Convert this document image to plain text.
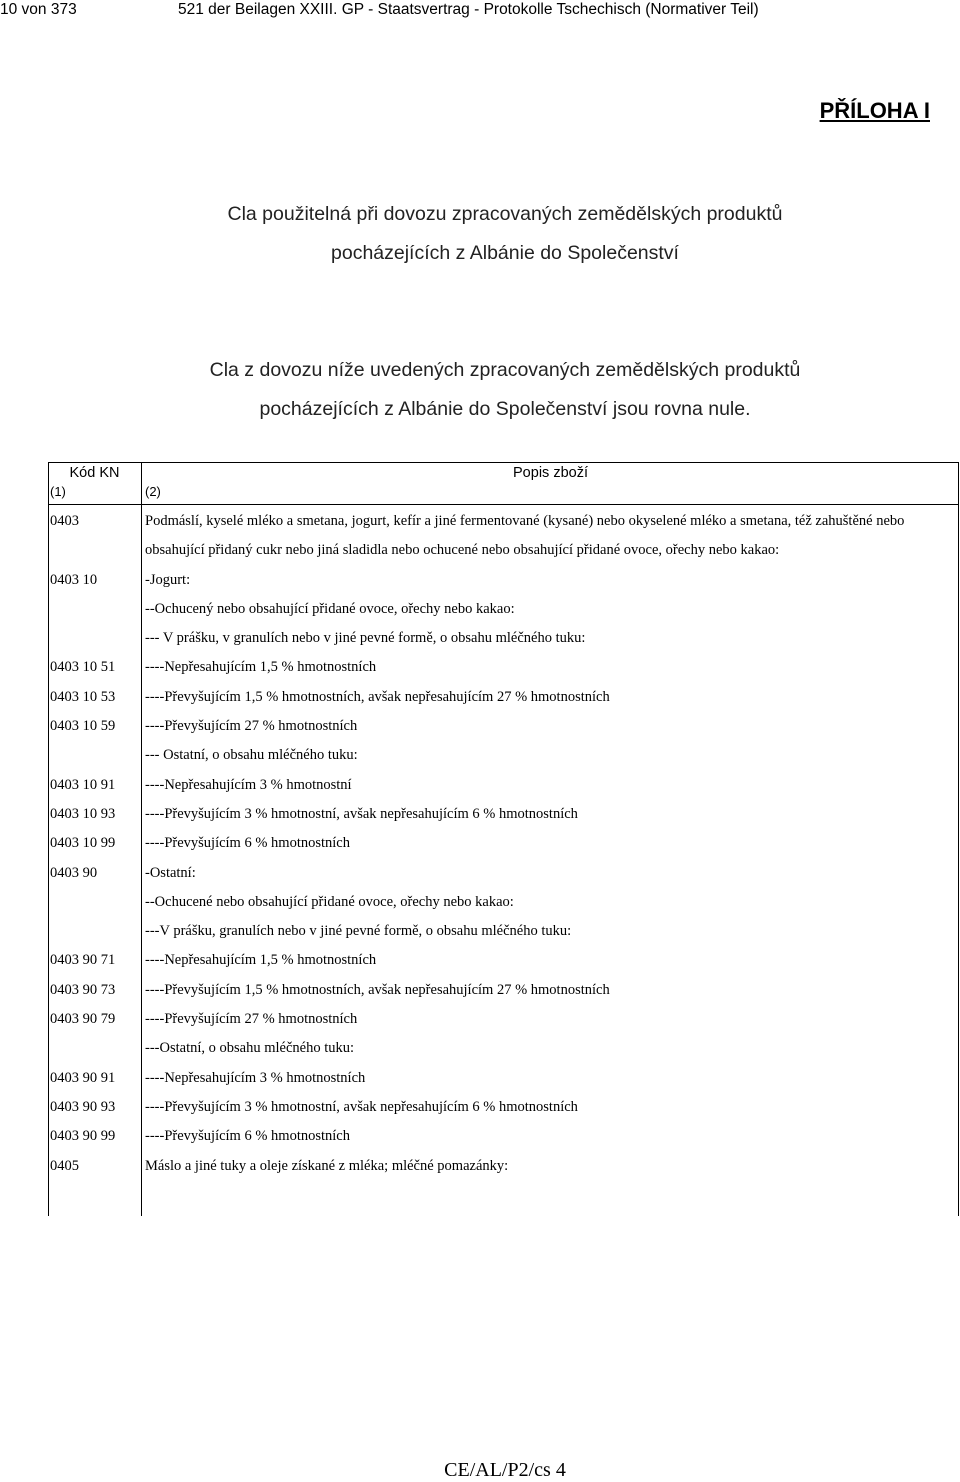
10 von 373	521 der Beilagen XXIII. GP - Staatsvertrag - Protokolle Tschechisch (Normativer Teil)
PŘÍLOHA I
Cla použitelná při dovozu zpracovaných zemědělských produktů
pocházejících z Albánie do Společenství
Cla z dovozu níže uvedených zpracovaných zemědělských produktů
pocházejících z Albánie do Společenství jsou rovna nule.
Kód KN	Popis zboží
(1)	(2)
0403	Podmáslí, kyselé mléko a smetana, jogurt, kefír a jiné fermentované (kysané) nebo okyselené mléko a smetana, též zahuštěné nebo obsahující přidaný cukr nebo jiná sladidla nebo ochucené nebo obsahující přidané ovoce, ořechy nebo kakao:
0403 10	-Jogurt:
--Ochucený nebo obsahující přidané ovoce, ořechy nebo kakao:
--- V prášku, v granulích nebo v jiné pevné formě, o obsahu mléčného tuku:
0403 10 51	----Nepřesahujícím 1,5 % hmotnostních
0403 10 53	----Převyšujícím 1,5 % hmotnostních, avšak nepřesahujícím 27 % hmotnostních
0403 10 59	----Převyšujícím 27 % hmotnostních
--- Ostatní, o obsahu mléčného tuku:
0403 10 91	----Nepřesahujícím 3 % hmotnostní
0403 10 93	----Převyšujícím 3 % hmotnostní, avšak nepřesahujícím 6 % hmotnostních
0403 10 99	----Převyšujícím 6 % hmotnostních
0403 90	-Ostatní:
--Ochucené nebo obsahující přidané ovoce, ořechy nebo kakao:
---V prášku, granulích nebo v jiné pevné formě, o obsahu mléčného tuku:
0403 90 71	----Nepřesahujícím 1,5 % hmotnostních
0403 90 73	----Převyšujícím 1,5 % hmotnostních, avšak nepřesahujícím 27 % hmotnostních
0403 90 79	----Převyšujícím 27 % hmotnostních
---Ostatní, o obsahu mléčného tuku:
0403 90 91	----Nepřesahujícím 3 % hmotnostních
0403 90 93	----Převyšujícím 3 % hmotnostní, avšak nepřesahujícím 6 % hmotnostních
0403 90 99	----Převyšujícím 6 % hmotnostních
0405	Máslo a jiné tuky a oleje získané z mléka; mléčné pomazánky:
CE/AL/P2/cs 4
